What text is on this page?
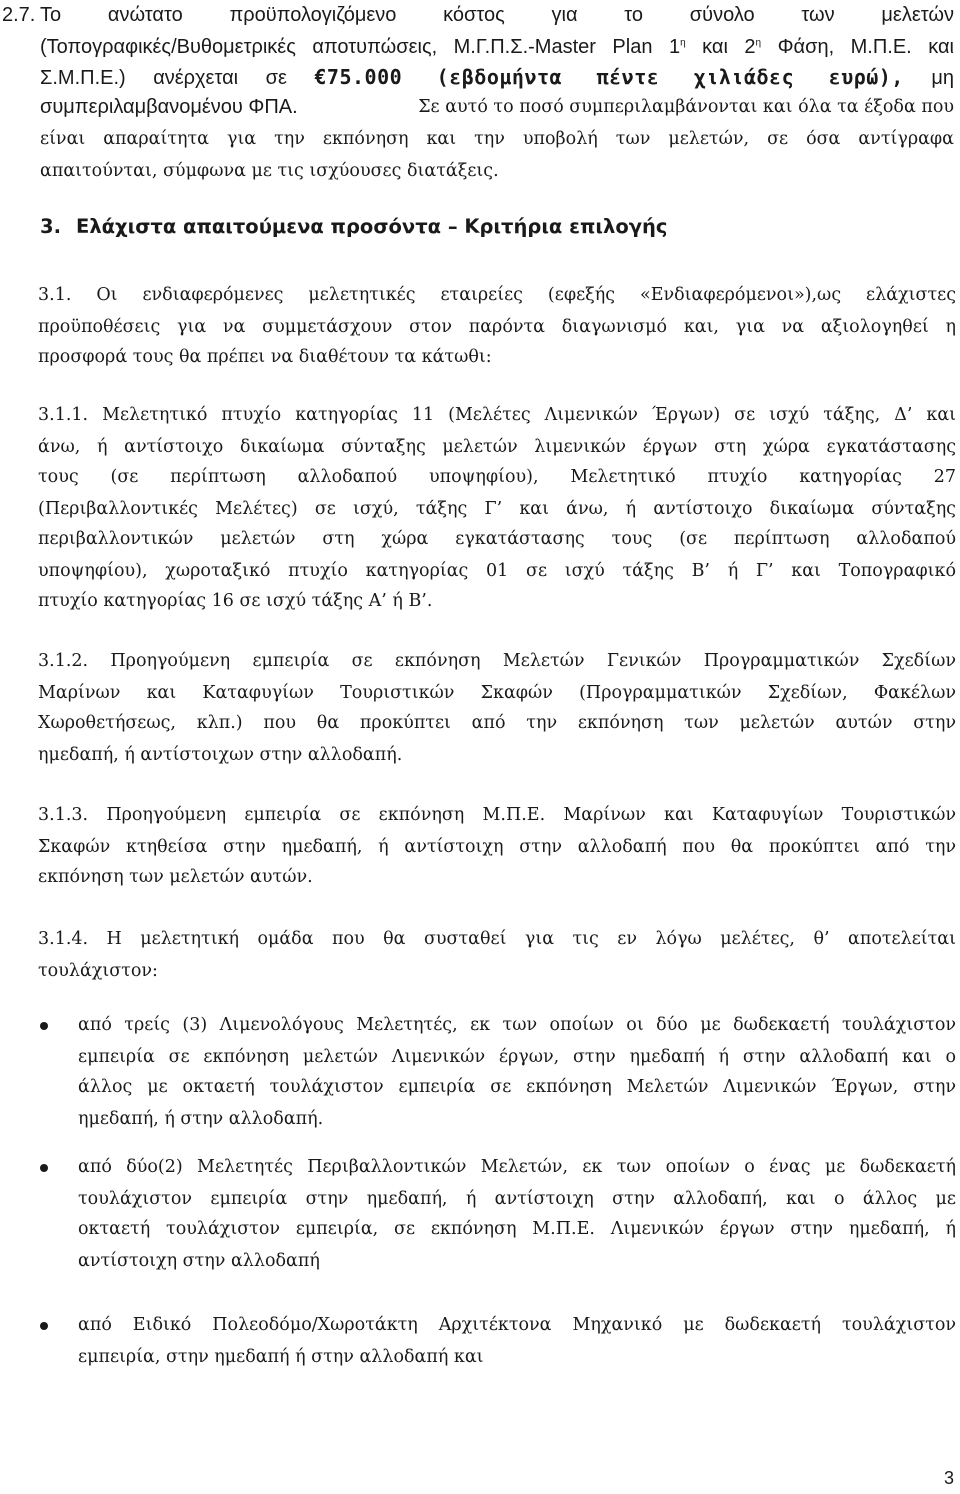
2.7. Το ανώτατο προϋπολογιζόμενο κόστος για το σύνολο των μελετών
(Τοπογραφικές/Βυθομετρικές αποτυπώσεις, Μ.Γ.Π.Σ.-Master Plan $1^\eta$ και $2^\eta$ Φάση, Μ.Π.Ε. και
Σ.Μ.Π.Ε.) ανέρχεται σε €75.000 (εβδομήντα πέντε χιλιάδες ευρώ), μη
συμπεριλαμβανομένου ΦΠΑ.	Σε αυτό το ποσό συμπεριλαμβάνονται και όλα τα έξοδα που
είναι απαραίτητα για την εκπόνηση και την υποβολή των μελετών, σε όσα αντίγραφα
απαιτούνται, σύμφωνα με τις ισχύουσες διατάξεις.
3. Ελάχιστα απαιτούμενα προσόντα – Κριτήρια επιλογής
3.1. Οι ενδιαφερόμενες μελετητικές εταιρείες (εφεξής «Ενδιαφερόμενοι»),ως ελάχιστες
προϋποθέσεις για να συμμετάσχουν στον παρόντα διαγωνισμό και, για να αξιολογηθεί η
προσφορά τους θα πρέπει να διαθέτουν τα κάτωθι:
3.1.1. Μελετητικό πτυχίο κατηγορίας 11 (Μελέτες Λιμενικών Έργων) σε ισχύ τάξης, Δ’ και
άνω, ή αντίστοιχο δικαίωμα σύνταξης μελετών λιμενικών έργων στη χώρα εγκατάστασης
τους (σε περίπτωση αλλοδαπού υποψηφίου), Μελετητικό πτυχίο κατηγορίας 27
(Περιβαλλοντικές Μελέτες) σε ισχύ, τάξης Γ’ και άνω, ή αντίστοιχο δικαίωμα σύνταξης
περιβαλλοντικών μελετών στη χώρα εγκατάστασης τους (σε περίπτωση αλλοδαπού
υποψηφίου), χωροταξικό πτυχίο κατηγορίας 01 σε ισχύ τάξης Β’ ή Γ’ και Τοπογραφικό
πτυχίο κατηγορίας 16 σε ισχύ τάξης Α’ ή Β’.
3.1.2. Προηγούμενη εμπειρία σε εκπόνηση Μελετών Γενικών Προγραμματικών Σχεδίων
Μαρίνων και Καταφυγίων Τουριστικών Σκαφών (Προγραμματικών Σχεδίων, Φακέλων
Χωροθετήσεως, κλπ.) που θα προκύπτει από την εκπόνηση των μελετών αυτών στην
ημεδαπή, ή αντίστοιχων στην αλλοδαπή.
3.1.3. Προηγούμενη εμπειρία σε εκπόνηση Μ.Π.Ε. Μαρίνων και Καταφυγίων Τουριστικών
Σκαφών κτηθείσα στην ημεδαπή, ή αντίστοιχη στην αλλοδαπή που θα προκύπτει από την
εκπόνηση των μελετών αυτών.
3.1.4. Η μελετητική ομάδα που θα συσταθεί για τις εν λόγω μελέτες, θ’ αποτελείται
τουλάχιστον:
από τρείς (3) Λιμενολόγους Μελετητές, εκ των οποίων οι δύο με δωδεκαετή τουλάχιστον
εμπειρία σε εκπόνηση μελετών Λιμενικών έργων, στην ημεδαπή ή στην αλλοδαπή και ο
άλλος με οκταετή τουλάχιστον εμπειρία σε εκπόνηση Μελετών Λιμενικών Έργων, στην
ημεδαπή, ή στην αλλοδαπή.
από δύο(2) Μελετητές Περιβαλλοντικών Μελετών, εκ των οποίων ο ένας με δωδεκαετή
τουλάχιστον εμπειρία στην ημεδαπή, ή αντίστοιχη στην αλλοδαπή, και ο άλλος με
οκταετή τουλάχιστον εμπειρία, σε εκπόνηση Μ.Π.Ε. Λιμενικών έργων στην ημεδαπή, ή
αντίστοιχη στην αλλοδαπή
από Ειδικό Πολεοδόμο/Χωροτάκτη Αρχιτέκτονα Μηχανικό με δωδεκαετή τουλάχιστον
εμπειρία, στην ημεδαπή ή στην αλλοδαπή και
3
